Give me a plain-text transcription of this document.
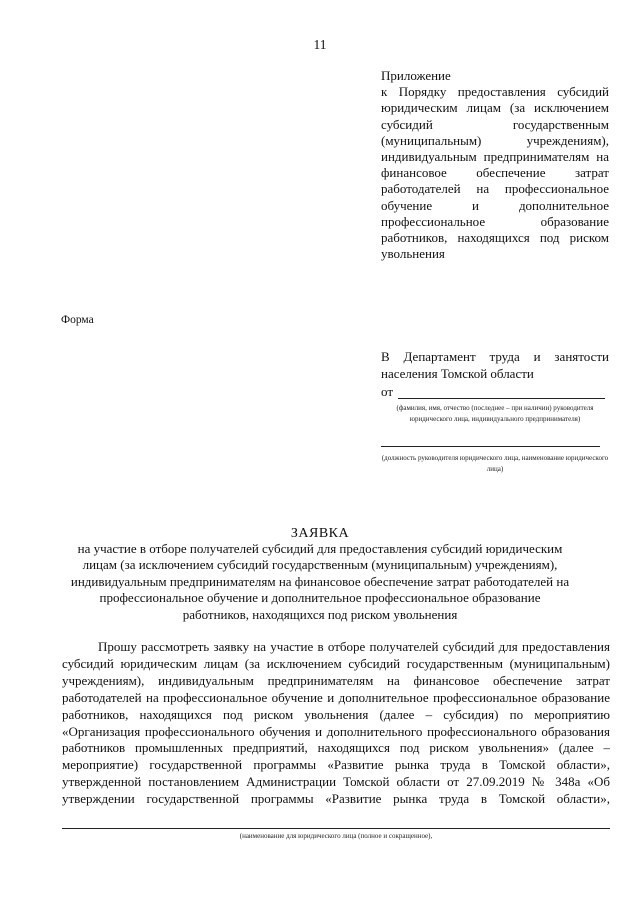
11
Приложение
к Порядку предоставления субсидий юридическим лицам (за исключением субсидий государственным (муниципальным) учреждениям), индивидуальным предпринимателям на финансовое обеспечение затрат работодателей на профессиональное обучение и дополнительное профессиональное образование работников, находящихся под риском увольнения
Форма
В Департамент труда и занятости населения Томской области
от
(фамилия, имя, отчество (последнее – при наличии) руководителя юридического лица, индивидуального предпринимателя)
(должность руководителя юридического лица, наименование юридического лица)
ЗАЯВКА
на участие в отборе получателей субсидий для предоставления субсидий юридическим лицам (за исключением субсидий государственным (муниципальным) учреждениям), индивидуальным предпринимателям на финансовое обеспечение затрат работодателей на профессиональное обучение и дополнительное профессиональное образование работников, находящихся под риском увольнения
Прошу рассмотреть заявку на участие в отборе получателей субсидий для предоставления субсидий юридическим лицам (за исключением субсидий государственным (муниципальным) учреждениям), индивидуальным предпринимателям на финансовое обеспечение затрат работодателей на профессиональное обучение и дополнительное профессиональное образование работников, находящихся под риском увольнения (далее – субсидия) по мероприятию «Организация профессионального обучения и дополнительного профессионального образования работников промышленных предприятий, находящихся под риском увольнения» (далее – мероприятие) государственной программы «Развитие рынка труда в Томской области», утвержденной постановлением Администрации Томской области от 27.09.2019 № 348а «Об утверждении государственной программы «Развитие рынка труда в Томской области»,
(наименование для юридического лица (полное и сокращенное),
